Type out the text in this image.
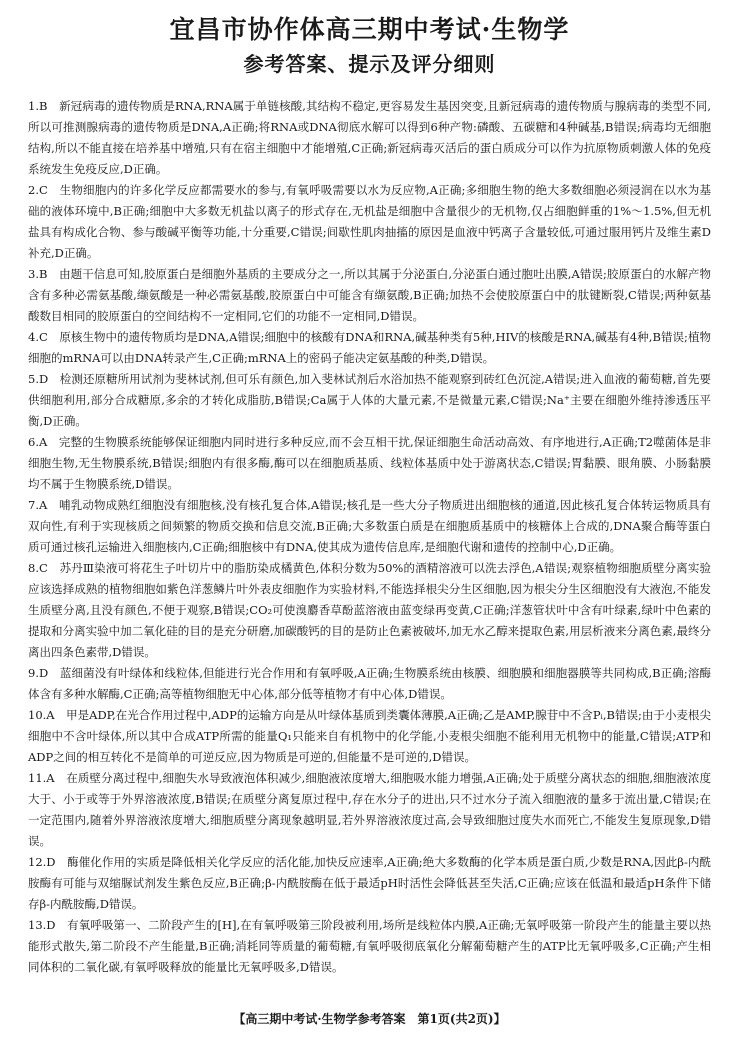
宜昌市协作体高三期中考试·生物学
参考答案、提示及评分细则

1.B　新冠病毒的遗传物质是RNA,RNA属于单链核酸,其结构不稳定,更容易发生基因突变,且新冠病毒的遗传物质与腺病毒的类型不同,所以可推测腺病毒的遗传物质是DNA,A正确;将RNA或DNA彻底水解可以得到6种产物:磷酸、五碳糖和4种碱基,B错误;病毒均无细胞结构,所以不能直接在培养基中增殖,只有在宿主细胞中才能增殖,C正确;新冠病毒灭活后的蛋白质成分可以作为抗原物质刺激人体的免疫系统发生免疫反应,D正确。

2.C　生物细胞内的许多化学反应都需要水的参与,有氧呼吸需要以水为反应物,A正确;多细胞生物的绝大多数细胞必须浸润在以水为基础的液体环境中,B正确;细胞中大多数无机盐以离子的形式存在,无机盐是细胞中含量很少的无机物,仅占细胞鲜重的1%～1.5%,但无机盐具有构成化合物、参与酸碱平衡等功能,十分重要,C错误;间歇性肌肉抽搐的原因是血液中钙离子含量较低,可通过服用钙片及维生素D补充,D正确。

3.B　由题干信息可知,胶原蛋白是细胞外基质的主要成分之一,所以其属于分泌蛋白,分泌蛋白通过胞吐出膜,A错误;胶原蛋白的水解产物含有多种必需氨基酸,缬氨酸是一种必需氨基酸,胶原蛋白中可能含有缬氨酸,B正确;加热不会使胶原蛋白中的肽键断裂,C错误;两种氨基酸数目相同的胶原蛋白的空间结构不一定相同,它们的功能不一定相同,D错误。

4.C　原核生物中的遗传物质均是DNA,A错误;细胞中的核酸有DNA和RNA,碱基种类有5种,HIV的核酸是RNA,碱基有4种,B错误;植物细胞的mRNA可以由DNA转录产生,C正确;mRNA上的密码子能决定氨基酸的种类,D错误。

5.D　检测还原糖所用试剂为斐林试剂,但可乐有颜色,加入斐林试剂后水浴加热不能观察到砖红色沉淀,A错误;进入血液的葡萄糖,首先要供细胞利用,部分合成糖原,多余的才转化成脂肪,B错误;Ca属于人体的大量元素,不是微量元素,C错误;Na⁺主要在细胞外维持渗透压平衡,D正确。

6.A　完整的生物膜系统能够保证细胞内同时进行多种反应,而不会互相干扰,保证细胞生命活动高效、有序地进行,A正确;T2噬菌体是非细胞生物,无生物膜系统,B错误;细胞内有很多酶,酶可以在细胞质基质、线粒体基质中处于游离状态,C错误;胃黏膜、眼角膜、小肠黏膜均不属于生物膜系统,D错误。

7.A　哺乳动物成熟红细胞没有细胞核,没有核孔复合体,A错误;核孔是一些大分子物质进出细胞核的通道,因此核孔复合体转运物质具有双向性,有利于实现核质之间频繁的物质交换和信息交流,B正确;大多数蛋白质是在细胞质基质中的核糖体上合成的,DNA聚合酶等蛋白质可通过核孔运输进入细胞核内,C正确;细胞核中有DNA,使其成为遗传信息库,是细胞代谢和遗传的控制中心,D正确。

8.C　苏丹Ⅲ染液可将花生子叶切片中的脂肪染成橘黄色,体积分数为50%的酒精溶液可以洗去浮色,A错误;观察植物细胞质壁分离实验应该选择成熟的植物细胞如紫色洋葱鳞片叶外表皮细胞作为实验材料,不能选择根尖分生区细胞,因为根尖分生区细胞没有大液泡,不能发生质壁分离,且没有颜色,不便于观察,B错误;CO₂可使溴麝香草酚蓝溶液由蓝变绿再变黄,C正确;洋葱管状叶中含有叶绿素,绿叶中色素的提取和分离实验中加二氧化硅的目的是充分研磨,加碳酸钙的目的是防止色素被破坏,加无水乙醇来提取色素,用层析液来分离色素,最终分离出四条色素带,D错误。

9.D　蓝细菌没有叶绿体和线粒体,但能进行光合作用和有氧呼吸,A正确;生物膜系统由核膜、细胞膜和细胞器膜等共同构成,B正确;溶酶体含有多种水解酶,C正确;高等植物细胞无中心体,部分低等植物才有中心体,D错误。

10.A　甲是ADP,在光合作用过程中,ADP的运输方向是从叶绿体基质到类囊体薄膜,A正确;乙是AMP,腺苷中不含Pᵢ,B错误;由于小麦根尖细胞中不含叶绿体,所以其中合成ATP所需的能量Q₁只能来自有机物中的化学能,小麦根尖细胞不能利用无机物中的能量,C错误;ATP和ADP之间的相互转化不是简单的可逆反应,因为物质是可逆的,但能量不是可逆的,D错误。

11.A　在质壁分离过程中,细胞失水导致液泡体积减少,细胞液浓度增大,细胞吸水能力增强,A正确;处于质壁分离状态的细胞,细胞液浓度大于、小于或等于外界溶液浓度,B错误;在质壁分离复原过程中,存在水分子的进出,只不过水分子流入细胞液的量多于流出量,C错误;在一定范围内,随着外界溶液浓度增大,细胞质壁分离现象越明显,若外界溶液浓度过高,会导致细胞过度失水而死亡,不能发生复原现象,D错误。

12.D　酶催化作用的实质是降低相关化学反应的活化能,加快反应速率,A正确;绝大多数酶的化学本质是蛋白质,少数是RNA,因此β-内酰胺酶有可能与双缩脲试剂发生紫色反应,B正确;β-内酰胺酶在低于最适pH时活性会降低甚至失活,C正确;应该在低温和最适pH条件下储存β-内酰胺酶,D错误。

13.D　有氧呼吸第一、二阶段产生的[H],在有氧呼吸第三阶段被利用,场所是线粒体内膜,A正确;无氧呼吸第一阶段产生的能量主要以热能形式散失,第二阶段不产生能量,B正确;消耗同等质量的葡萄糖,有氧呼吸彻底氧化分解葡萄糖产生的ATP比无氧呼吸多,C正确;产生相同体积的二氧化碳,有氧呼吸释放的能量比无氧呼吸多,D错误。

【高三期中考试·生物学参考答案　第1页(共2页)】
